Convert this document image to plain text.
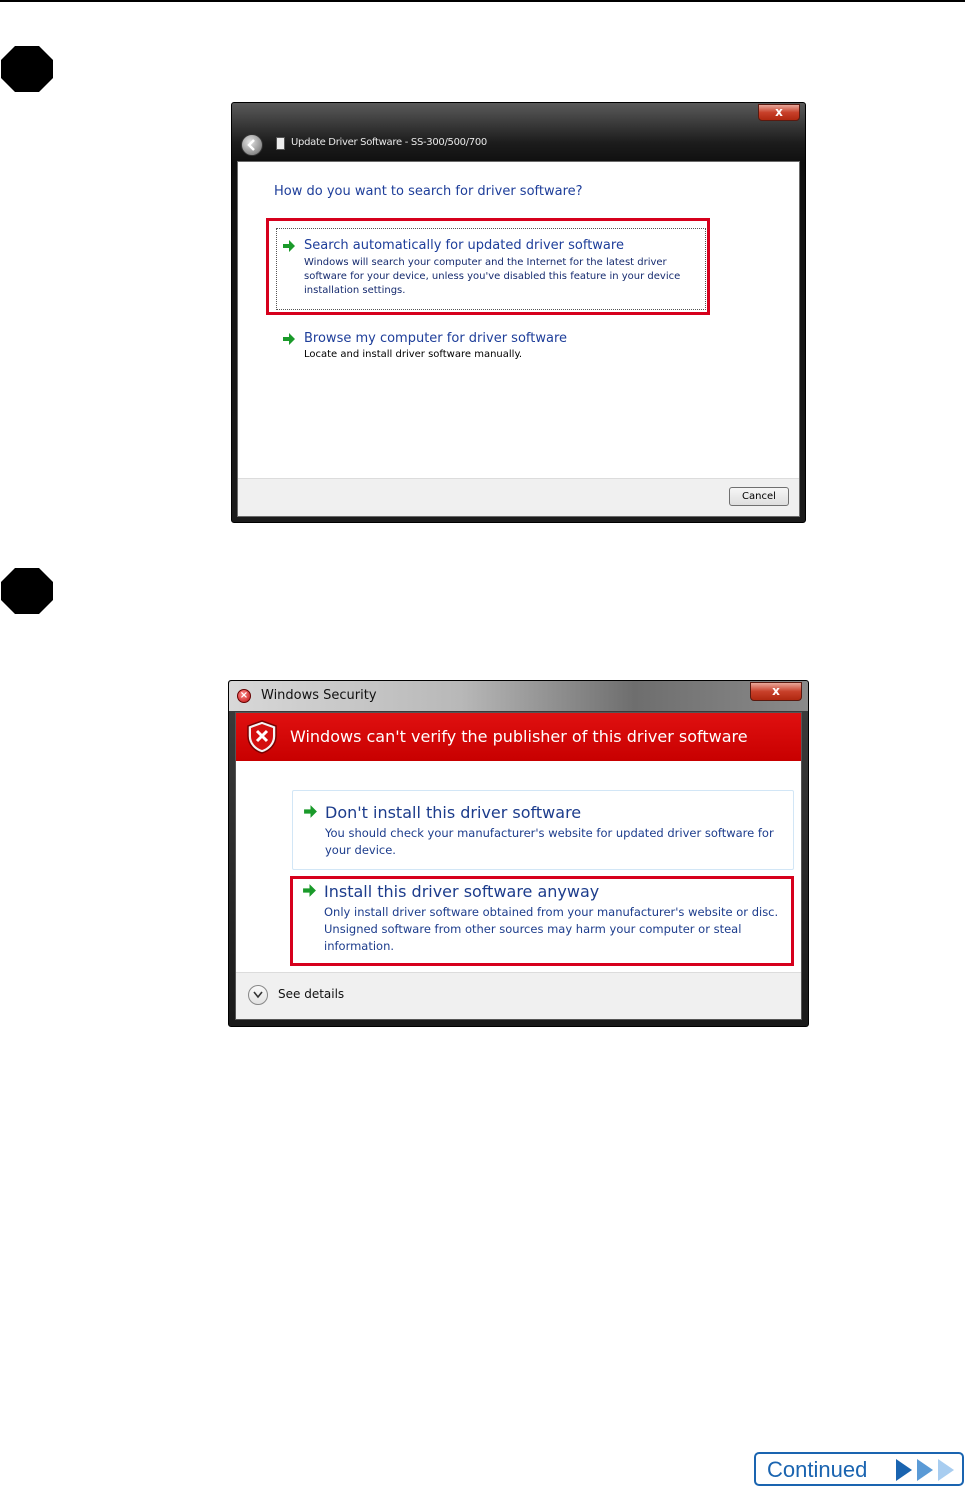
x
Update Driver Software - SS-300/500/700
How do you want to search for driver software?
Search automatically for updated driver software
Windows will search your computer and the Internet for the latest driver software for your device, unless you've disabled this feature in your device installation settings.
Browse my computer for driver software
Locate and install driver software manually.
Cancel
× Windows Security	x
Windows can't verify the publisher of this driver software
Don't install this driver software
You should check your manufacturer's website for updated driver software for your device.
Install this driver software anyway
Only install driver software obtained from your manufacturer's website or disc. Unsigned software from other sources may harm your computer or steal information.
See details
Continued
